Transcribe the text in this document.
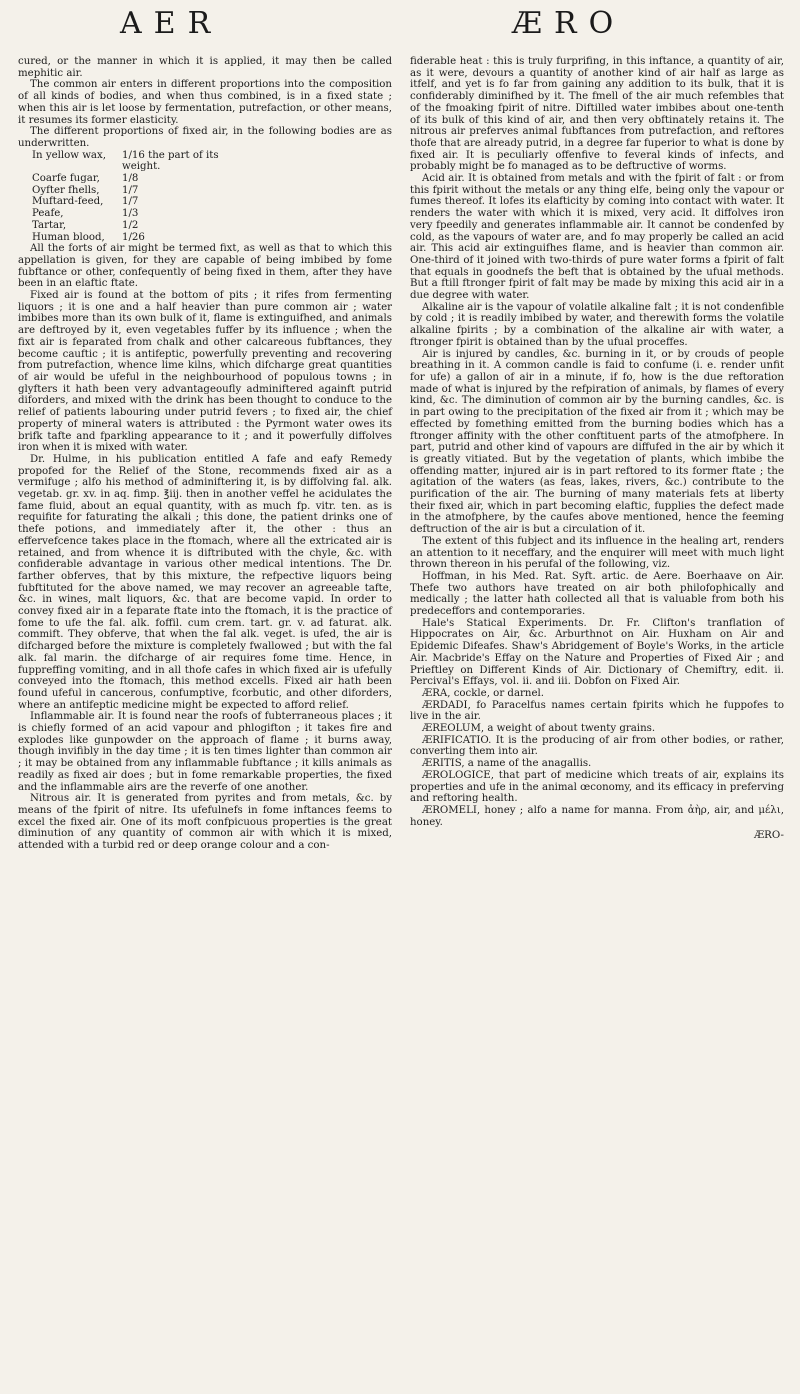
AER	ÆRO

cured, or the manner in which it is applied, it may then be called mephitic air.

The common air enters in different proportions into the composition of all kinds of bodies, and when thus combined, is in a fixed state ; when this air is let loose by fermentation, putrefaction, or other means, it resumes its former elasticity.

The different proportions of fixed air, in the following bodies are as underwritten.

In yellow wax, 1/16 the part of its weight.
Coarfe fugar, 1/8
Oyfter fhells, 1/7
Muftard-feed, 1/7
Peafe,	1/3
Tartar,	1/2
Human blood, 1/26

All the forts of air might be termed fixt, as well as that to which this appellation is given, for they are capable of being imbibed by fome fubftance or other, confequently of being fixed in them, after they have been in an elaftic ftate.

Fixed air is found at the bottom of pits ; it rifes from fermenting liquors ; it is one and a half heavier than pure common air ; water imbibes more than its own bulk of it, flame is extinguifhed, and animals are deftroyed by it, even vegetables fuffer by its influence ; when the fixt air is feparated from chalk and other calcareous fubftances, they become cauftic ; it is antifeptic, powerfully preventing and recovering from putrefaction, whence lime kilns, which difcharge great quantities of air would be ufeful in the neighbourhood of populous towns ; in glyfters it hath been very advantageoufly adminiftered againft putrid diforders, and mixed with the drink has been thought to conduce to the relief of patients labouring under putrid fevers ; to fixed air, the chief property of mineral waters is attributed : the Pyrmont water owes its brifk tafte and fparkling appearance to it ; and it powerfully diffolves iron when it is mixed with water.

Dr. Hulme, in his publication entitled A fafe and eafy Remedy propofed for the Relief of the Stone, recommends fixed air as a vermifuge ; alfo his method of adminiftering it, is by diffolving fal. alk. vegetab. gr. xv. in aq. fimp. ℥iij. then in another veffel he acidulates the fame fluid, about an equal quantity, with as much fp. vitr. ten. as is requifite for faturating the alkali ; this done, the patient drinks one of thefe potions, and immediately after it, the other : thus an effervefcence takes place in the ftomach, where all the extricated air is retained, and from whence it is diftributed with the chyle, &c. with confiderable advantage in various other medical intentions. The Dr. farther obferves, that by this mixture, the refpective liquors being fubftituted for the above named, we may recover an agreeable tafte, &c. in wines, malt liquors, &c. that are become vapid. In order to convey fixed air in a feparate ftate into the ftomach, it is the practice of fome to ufe the fal. alk. foffil. cum crem. tart. gr. v. ad faturat. alk. commift. They obferve, that when the fal alk. veget. is ufed, the air is difcharged before the mixture is completely fwallowed ; but with the fal alk. fal marin. the difcharge of air requires fome time. Hence, in fuppreffing vomiting, and in all thofe cafes in which fixed air is ufefully conveyed into the ftomach, this method excells. Fixed air hath been found ufeful in cancerous, confumptive, fcorbutic, and other diforders, where an antifeptic medicine might be expected to afford relief.

Inflammable air. It is found near the roofs of fubterraneous places ; it is chiefly formed of an acid vapour and phlogifton ; it takes fire and explodes like gunpowder on the approach of flame ; it burns away, though invifibly in the day time ; it is ten times lighter than common air ; it may be obtained from any inflammable fubftance ; it kills animals as readily as fixed air does ; but in fome remarkable properties, the fixed and the inflammable airs are the reverfe of one another.

Nitrous air. It is generated from pyrites and from metals, &c. by means of the fpirit of nitre. Its ufefulnefs in fome inftances feems to excel the fixed air. One of its moft confpicuous properties is the great diminution of any quantity of common air with which it is mixed, attended with a turbid red or deep orange colour and a con-

fiderable heat : this is truly furprifing, in this inftance, a quantity of air, as it were, devours a quantity of another kind of air half as large as itfelf, and yet is fo far from gaining any addition to its bulk, that it is confiderably diminifhed by it. The fmell of the air much refembles that of the fmoaking fpirit of nitre. Diftilled water imbibes about one-tenth of its bulk of this kind of air, and then very obftinately retains it. The nitrous air preferves animal fubftances from putrefaction, and reftores thofe that are already putrid, in a degree far fuperior to what is done by fixed air. It is peculiarly offenfive to feveral kinds of infects, and probably might be fo managed as to be deftructive of worms.

Acid air. It is obtained from metals and with the fpirit of falt : or from this fpirit without the metals or any thing elfe, being only the vapour or fumes thereof. It lofes its elafticity by coming into contact with water. It renders the water with which it is mixed, very acid. It diffolves iron very fpeedily and generates inflammable air. It cannot be condenfed by cold, as the vapours of water are, and fo may properly be called an acid air. This acid air extinguifhes flame, and is heavier than common air. One-third of it joined with two-thirds of pure water forms a fpirit of falt that equals in goodnefs the beft that is obtained by the ufual methods. But a ftill ftronger fpirit of falt may be made by mixing this acid air in a due degree with water.

Alkaline air is the vapour of volatile alkaline falt ; it is not condenfible by cold ; it is readily imbibed by water, and therewith forms the volatile alkaline fpirits ; by a combination of the alkaline air with water, a ftronger fpirit is obtained than by the ufual proceffes.

Air is injured by candles, &c. burning in it, or by crouds of people breathing in it. A common candle is faid to confume (i. e. render unfit for ufe) a gallon of air in a minute, if fo, how is the due reftoration made of what is injured by the refpiration of animals, by flames of every kind, &c. The diminution of common air by the burning candles, &c. is in part owing to the precipitation of the fixed air from it ; which may be effected by fomething emitted from the burning bodies which has a ftronger affinity with the other conftituent parts of the atmofphere. In part, putrid and other kind of vapours are diffufed in the air by which it is greatly vitiated. But by the vegetation of plants, which imbibe the offending matter, injured air is in part reftored to its former ftate ; the agitation of the waters (as feas, lakes, rivers, &c.) contribute to the purification of the air. The burning of many materials fets at liberty their fixed air, which in part becoming elaftic, fupplies the defect made in the atmofphere, by the caufes above mentioned, hence the feeming deftruction of the air is but a circulation of it.

The extent of this fubject and its influence in the healing art, renders an attention to it neceffary, and the enquirer will meet with much light thrown thereon in his perufal of the following, viz.

Hoffman, in his Med. Rat. Syft. artic. de Aere. Boerhaave on Air. Thefe two authors have treated on air both philofophically and medically ; the latter hath collected all that is valuable from both his predeceffors and contemporaries.

Hale's Statical Experiments. Dr. Fr. Clifton's tranflation of Hippocrates on Air, &c. Arburthnot on Air. Huxham on Air and Epidemic Difeafes. Shaw's Abridgement of Boyle's Works, in the article Air. Macbride's Effay on the Nature and Properties of Fixed Air ; and Prieftley on Different Kinds of Air. Dictionary of Chemiftry, edit. ii. Percival's Effays, vol. ii. and iii. Dobfon on Fixed Air.

ÆRA, cockle, or darnel.

ÆRDADI, fo Paracelfus names certain fpirits which he fuppofes to live in the air.

ÆREOLUM, a weight of about twenty grains.

ÆRIFICATIO. It is the producing of air from other bodies, or rather, converting them into air.

ÆRITIS, a name of the anagallis.

ÆROLOGICE, that part of medicine which treats of air, explains its properties and ufe in the animal œconomy, and its efficacy in preferving and reftoring health.

ÆROMELI, honey ; alfo a name for manna. From ἀὴρ, air, and μέλι, honey.

ÆRO-
